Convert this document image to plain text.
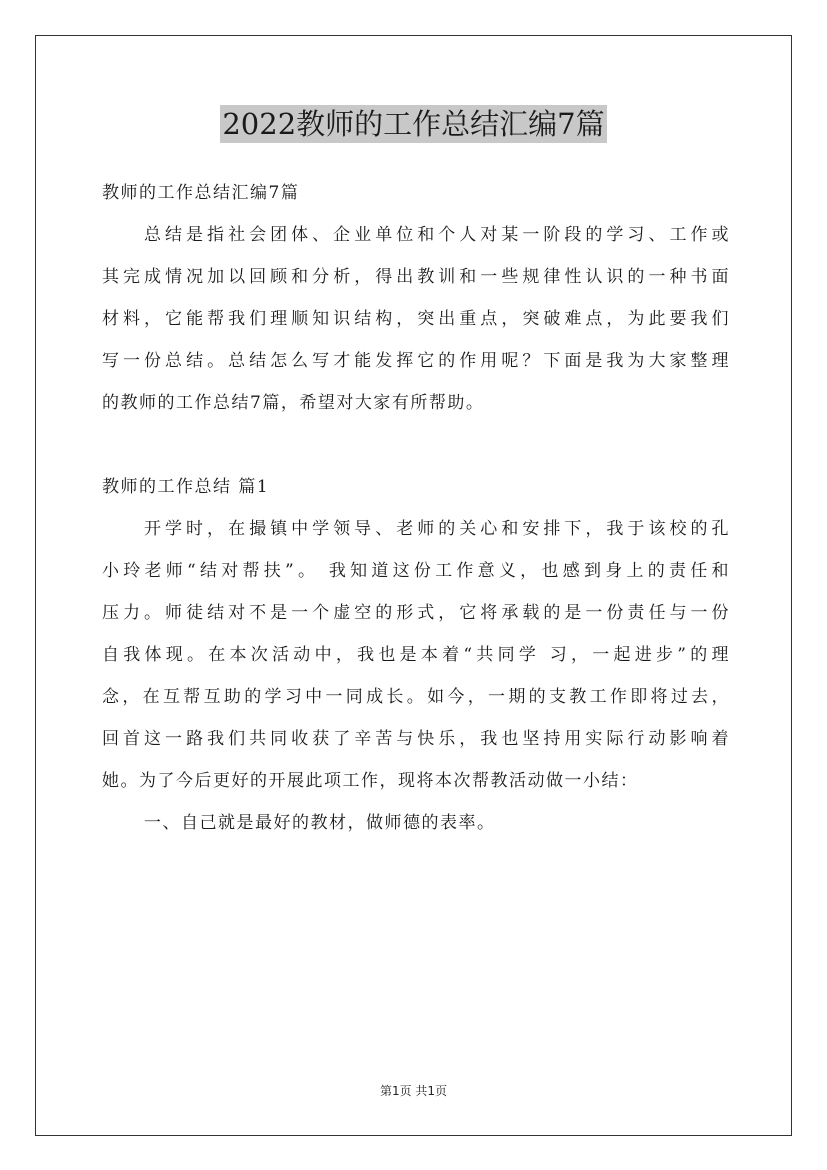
2022教师的工作总结汇编7篇

教师的工作总结汇编7篇

总结是指社会团体、企业单位和个人对某一阶段的学习、工作或

其完成情况加以回顾和分析，得出教训和一些规律性认识的一种书面

材料，它能帮我们理顺知识结构，突出重点，突破难点，为此要我们

写一份总结。总结怎么写才能发挥它的作用呢？下面是我为大家整理

的教师的工作总结7篇，希望对大家有所帮助。

教师的工作总结 篇1

开学时，在撮镇中学领导、老师的关心和安排下，我于该校的孔

小玲老师“结对帮扶”。 我知道这份工作意义，也感到身上的责任和

压力。师徒结对不是一个虚空的形式，它将承载的是一份责任与一份

自我体现。在本次活动中，我也是本着“共同学 习，一起进步”的理

念，在互帮互助的学习中一同成长。如今，一期的支教工作即将过去，

回首这一路我们共同收获了辛苦与快乐，我也坚持用实际行动影响着

她。为了今后更好的开展此项工作，现将本次帮教活动做一小结：

一、自己就是最好的教材，做师德的表率。

第1页 共1页
